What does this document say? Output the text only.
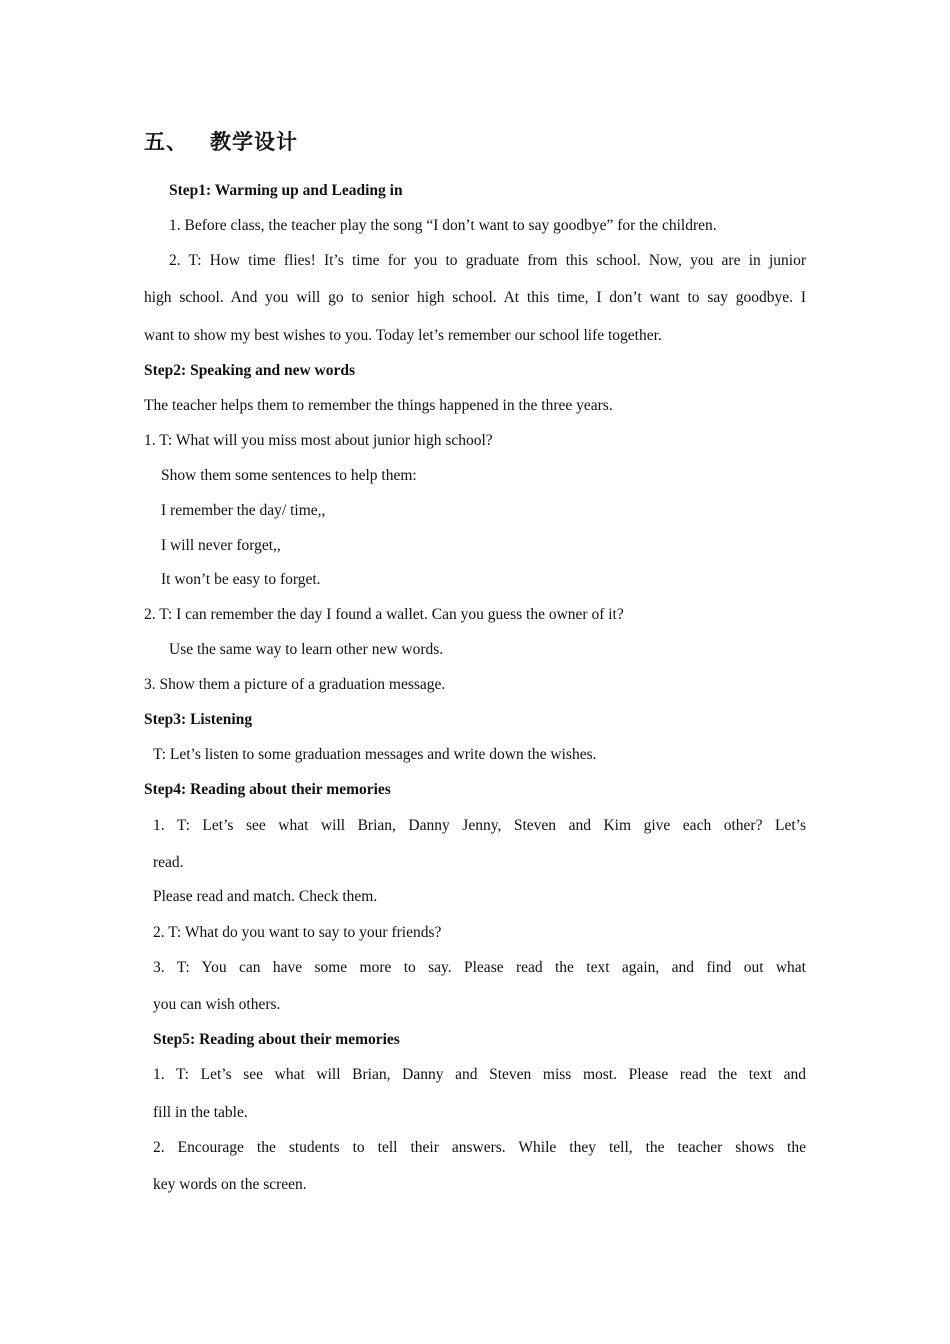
五、 教学设计
Step1: Warming up and Leading in
1. Before class, the teacher play the song “I don’t want to say goodbye” for the children.
2. T: How time flies! It’s time for you to graduate from this school. Now, you are in junior
high school. And you will go to senior high school. At this time, I don’t want to say goodbye. I
want to show my best wishes to you. Today let’s remember our school life together.
Step2: Speaking and new words
The teacher helps them to remember the things happened in the three years.
1. T: What will you miss most about junior high school?
Show them some sentences to help them:
I remember the day/ time,,
I will never forget,,
It won’t be easy to forget.
2. T: I can remember the day I found a wallet. Can you guess the owner of it?
Use the same way to learn other new words.
3. Show them a picture of a graduation message.
Step3: Listening
T: Let’s listen to some graduation messages and write down the wishes.
Step4: Reading about their memories
1. T: Let’s see what will Brian, Danny Jenny, Steven and Kim give each other? Let’s
read.
Please read and match. Check them.
2. T: What do you want to say to your friends?
3. T: You can have some more to say. Please read the text again, and find out what
you can wish others.
Step5: Reading about their memories
1. T: Let’s see what will Brian, Danny and Steven miss most. Please read the text and
fill in the table.
2. Encourage the students to tell their answers. While they tell, the teacher shows the
key words on the screen.
